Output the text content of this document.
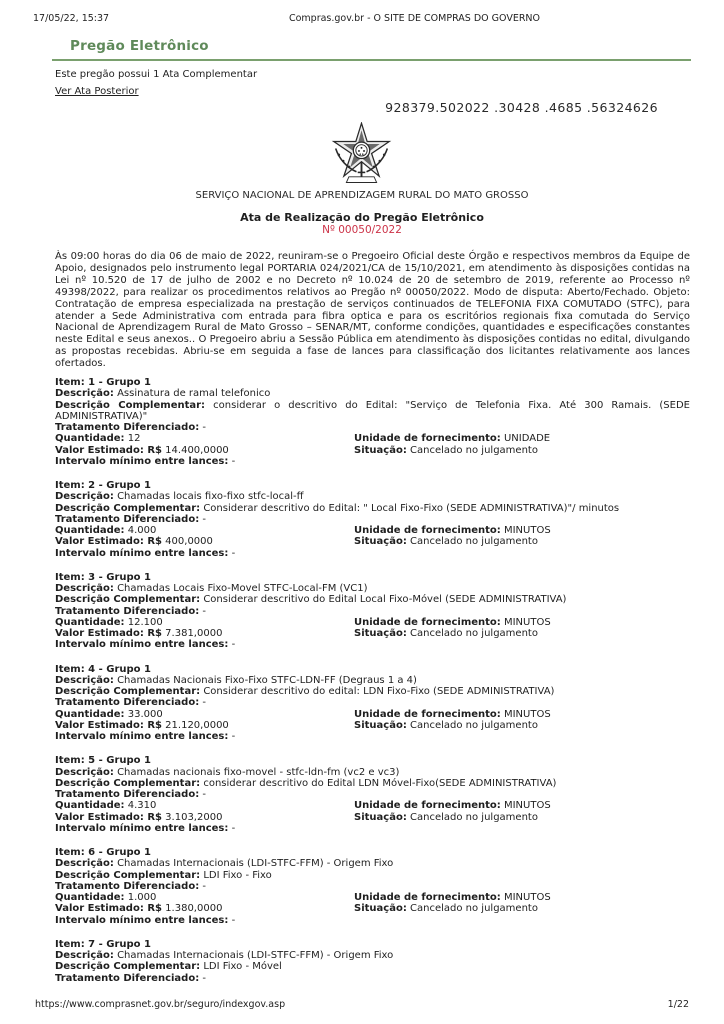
17/05/22, 15:37	Compras.gov.br - O SITE DE COMPRAS DO GOVERNO
Pregão Eletrônico
Este pregão possui 1 Ata Complementar
Ver Ata Posterior
928379.502022 .30428 .4685 .56324626
SERVIÇO NACIONAL DE APRENDIZAGEM RURAL DO MATO GROSSO
Ata de Realização do Pregão Eletrônico
Nº 00050/2022
Às 09:00 horas do dia 06 de maio de 2022, reuniram-se o Pregoeiro Oficial deste Órgão e respectivos membros da Equipe de Apoio, designados pelo instrumento legal PORTARIA 024/2021/CA de 15/10/2021, em atendimento às disposições contidas na Lei nº 10.520 de 17 de julho de 2002 e no Decreto nº 10.024 de 20 de setembro de 2019, referente ao Processo nº 49398/2022, para realizar os procedimentos relativos ao Pregão nº 00050/2022. Modo de disputa: Aberto/Fechado. Objeto: Contratação de empresa especializada na prestação de serviços continuados de TELEFONIA FIXA COMUTADO (STFC), para atender a Sede Administrativa com entrada para fibra optica e para os escritórios regionais fixa comutada do Serviço Nacional de Aprendizagem Rural de Mato Grosso – SENAR/MT, conforme condições, quantidades e especificações constantes neste Edital e seus anexos.. O Pregoeiro abriu a Sessão Pública em atendimento às disposições contidas no edital, divulgando as propostas recebidas. Abriu-se em seguida a fase de lances para classificação dos licitantes relativamente aos lances ofertados.
Item: 1 - Grupo 1
Descrição: Assinatura de ramal telefonico
Descrição Complementar: considerar o descritivo do Edital: "Serviço de Telefonia Fixa. Até 300 Ramais. (SEDE ADMINISTRATIVA)"
Tratamento Diferenciado: -
Quantidade: 12	Unidade de fornecimento: UNIDADE
Valor Estimado: R$ 14.400,0000	Situação: Cancelado no julgamento
Intervalo mínimo entre lances: -
Item: 2 - Grupo 1
Descrição: Chamadas locais fixo-fixo stfc-local-ff
Descrição Complementar: Considerar descritivo do Edital: " Local Fixo-Fixo (SEDE ADMINISTRATIVA)"/ minutos
Tratamento Diferenciado: -
Quantidade: 4.000	Unidade de fornecimento: MINUTOS
Valor Estimado: R$ 400,0000	Situação: Cancelado no julgamento
Intervalo mínimo entre lances: -
Item: 3 - Grupo 1
Descrição: Chamadas Locais Fixo-Movel STFC-Local-FM (VC1)
Descrição Complementar: Considerar descritivo do Edital Local Fixo-Móvel (SEDE ADMINISTRATIVA)
Tratamento Diferenciado: -
Quantidade: 12.100	Unidade de fornecimento: MINUTOS
Valor Estimado: R$ 7.381,0000	Situação: Cancelado no julgamento
Intervalo mínimo entre lances: -
Item: 4 - Grupo 1
Descrição: Chamadas Nacionais Fixo-Fixo STFC-LDN-FF (Degraus 1 a 4)
Descrição Complementar: Considerar descritivo do edital: LDN Fixo-Fixo (SEDE ADMINISTRATIVA)
Tratamento Diferenciado: -
Quantidade: 33.000	Unidade de fornecimento: MINUTOS
Valor Estimado: R$ 21.120,0000	Situação: Cancelado no julgamento
Intervalo mínimo entre lances: -
Item: 5 - Grupo 1
Descrição: Chamadas nacionais fixo-movel - stfc-ldn-fm (vc2 e vc3)
Descrição Complementar: considerar descritivo do Edital LDN Móvel-Fixo(SEDE ADMINISTRATIVA)
Tratamento Diferenciado: -
Quantidade: 4.310	Unidade de fornecimento: MINUTOS
Valor Estimado: R$ 3.103,2000	Situação: Cancelado no julgamento
Intervalo mínimo entre lances: -
Item: 6 - Grupo 1
Descrição: Chamadas Internacionais (LDI-STFC-FFM) - Origem Fixo
Descrição Complementar: LDI Fixo - Fixo
Tratamento Diferenciado: -
Quantidade: 1.000	Unidade de fornecimento: MINUTOS
Valor Estimado: R$ 1.380,0000	Situação: Cancelado no julgamento
Intervalo mínimo entre lances: -
Item: 7 - Grupo 1
Descrição: Chamadas Internacionais (LDI-STFC-FFM) - Origem Fixo
Descrição Complementar: LDI Fixo - Móvel
Tratamento Diferenciado: -
https://www.comprasnet.gov.br/seguro/indexgov.asp	1/22
